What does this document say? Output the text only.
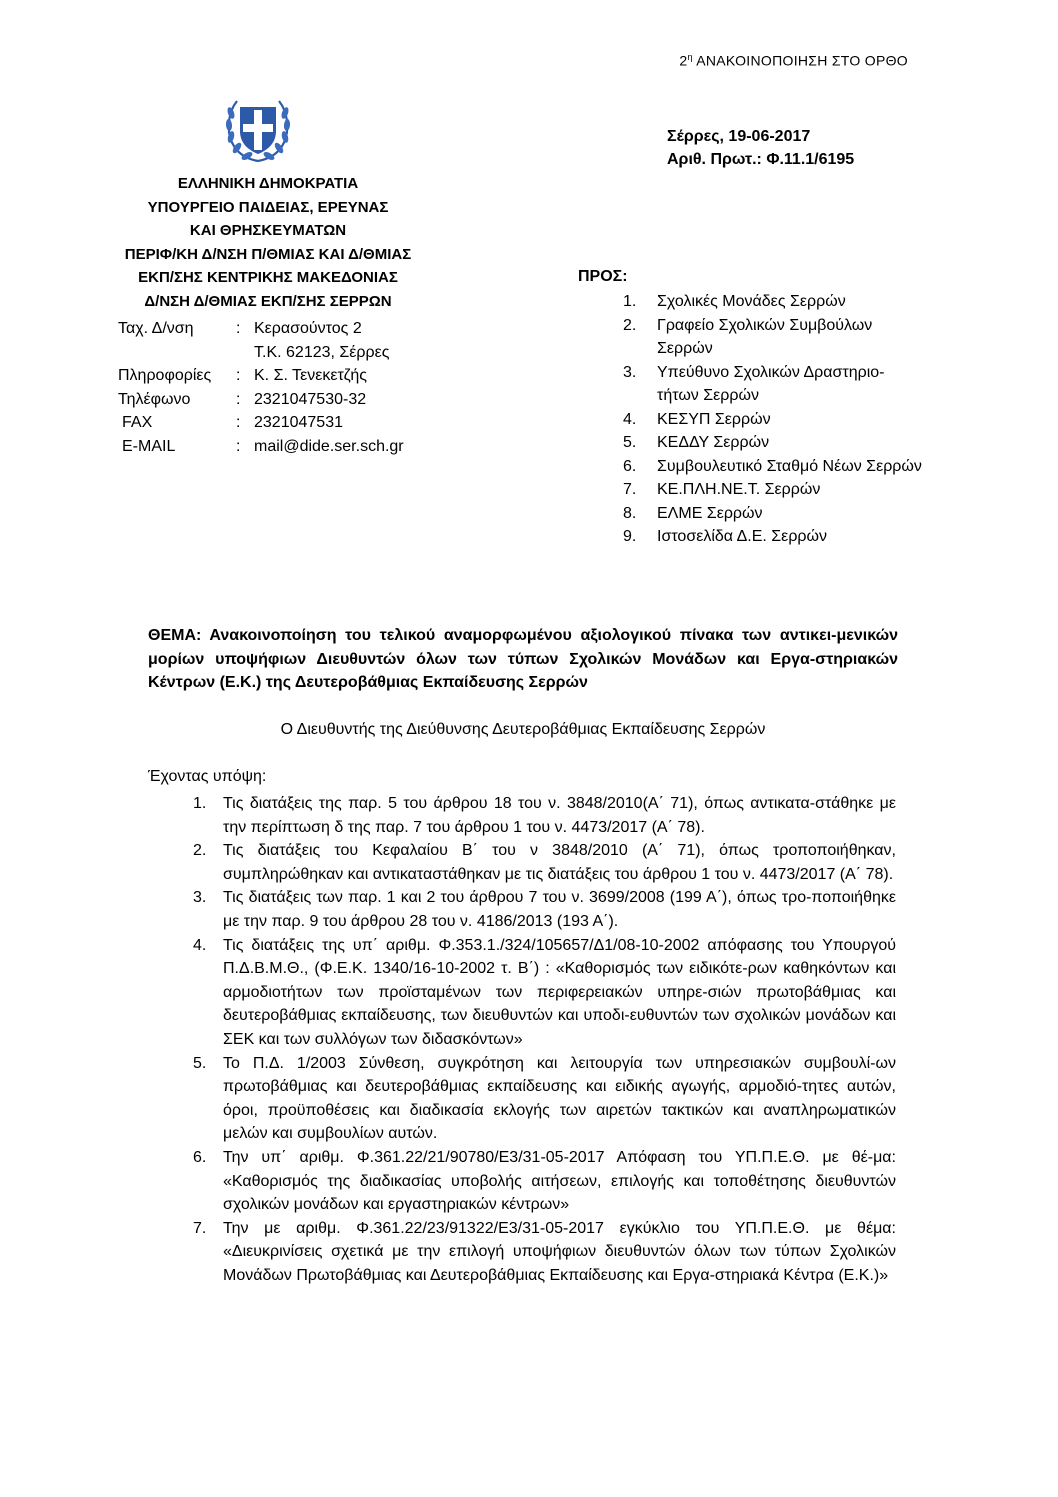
$2^\eta$ ΑΝΑΚΟΙΝΟΠΟΙΗΣΗ ΣΤΟ ΟΡΘΟ
Σέρρες, 19-06-2017
Αριθ. Πρωτ.: Φ.11.1/6195
ΕΛΛΗΝΙΚΗ ΔΗΜΟΚΡΑΤΙΑ
ΥΠΟΥΡΓΕΙΟ ΠΑΙΔΕΙΑΣ, ΕΡΕΥΝΑΣ
ΚΑΙ ΘΡΗΣΚΕΥΜΑΤΩΝ
ΠΕΡΙΦ/ΚΗ Δ/ΝΣΗ Π/ΘΜΙΑΣ ΚΑΙ Δ/ΘΜΙΑΣ
ΕΚΠ/ΣΗΣ ΚΕΝΤΡΙΚΗΣ ΜΑΚΕΔΟΝΙΑΣ
Δ/ΝΣΗ Δ/ΘΜΙΑΣ ΕΚΠ/ΣΗΣ ΣΕΡΡΩΝ
Ταχ. Δ/νση	: Κερασούντος 2
Τ.Κ. 62123, Σέρρες
Πληροφορίες	: Κ. Σ. Τενεκετζής
Τηλέφωνο	: 2321047530-32
FAX	: 2321047531
E-MAIL	: mail@dide.ser.sch.gr
ΠΡΟΣ:
1.	Σχολικές Μονάδες Σερρών
2.	Γραφείο Σχολικών Συμβούλων Σερρών
3.	Υπεύθυνο Σχολικών Δραστηριο-τήτων Σερρών
4.	ΚΕΣΥΠ Σερρών
5.	ΚΕΔΔΥ Σερρών
6.	Συμβουλευτικό Σταθμό Νέων Σερρών
7.	ΚΕ.ΠΛΗ.ΝΕ.Τ. Σερρών
8.	ΕΛΜΕ Σερρών
9.	Ιστοσελίδα Δ.Ε. Σερρών
ΘΕΜΑ: Ανακοινοποίηση του τελικού αναμορφωμένου αξιολογικού πίνακα των αντικει-μενικών μορίων υποψήφιων Διευθυντών όλων των τύπων Σχολικών Μονάδων και Εργα-στηριακών Κέντρων (Ε.Κ.) της Δευτεροβάθμιας Εκπαίδευσης Σερρών
Ο Διευθυντής της Διεύθυνσης Δευτεροβάθμιας Εκπαίδευσης Σερρών
Έχοντας υπόψη:
1.	Τις διατάξεις της παρ. 5 του άρθρου 18 του ν. 3848/2010(Α΄ 71), όπως αντικατα-στάθηκε με την περίπτωση δ της παρ. 7 του άρθρου 1 του ν. 4473/2017 (Α΄ 78).
2.	Τις διατάξεις του Κεφαλαίου Β΄ του ν 3848/2010 (Α΄ 71), όπως τροποποιήθηκαν, συμπληρώθηκαν και αντικαταστάθηκαν με τις διατάξεις του άρθρου 1 του ν. 4473/2017 (Α΄ 78).
3.	Τις διατάξεις των παρ. 1 και 2 του άρθρου 7 του ν. 3699/2008 (199 Α΄), όπως τρο-ποποιήθηκε με την παρ. 9 του άρθρου 28 του ν. 4186/2013 (193 Α΄).
4.	Τις διατάξεις της υπ΄ αριθμ. Φ.353.1./324/105657/Δ1/08-10-2002 απόφασης του Υπουργού Π.Δ.Β.Μ.Θ., (Φ.Ε.Κ. 1340/16-10-2002 τ. Β΄) : «Καθορισμός των ειδικότε-ρων καθηκόντων και αρμοδιοτήτων των προϊσταμένων των περιφερειακών υπηρε-σιών πρωτοβάθμιας και δευτεροβάθμιας εκπαίδευσης, των διευθυντών και υποδι-ευθυντών των σχολικών μονάδων και ΣΕΚ και των συλλόγων των διδασκόντων»
5.	Το Π.Δ. 1/2003 Σύνθεση, συγκρότηση και λειτουργία των υπηρεσιακών συμβουλί-ων πρωτοβάθμιας και δευτεροβάθμιας εκπαίδευσης και ειδικής αγωγής, αρμοδιό-τητες αυτών, όροι, προϋποθέσεις και διαδικασία εκλογής των αιρετών τακτικών και αναπληρωματικών μελών και συμβουλίων αυτών.
6.	Την υπ΄ αριθμ. Φ.361.22/21/90780/Ε3/31-05-2017 Απόφαση του ΥΠ.Π.Ε.Θ. με θέ-μα: «Καθορισμός της διαδικασίας υποβολής αιτήσεων, επιλογής και τοποθέτησης διευθυντών σχολικών μονάδων και εργαστηριακών κέντρων»
7.	Την με αριθμ. Φ.361.22/23/91322/Ε3/31-05-2017 εγκύκλιο του ΥΠ.Π.Ε.Θ. με θέμα: «Διευκρινίσεις σχετικά με την επιλογή υποψήφιων διευθυντών όλων των τύπων Σχολικών Μονάδων Πρωτοβάθμιας και Δευτεροβάθμιας Εκπαίδευσης και Εργα-στηριακά Κέντρα (Ε.Κ.)»
